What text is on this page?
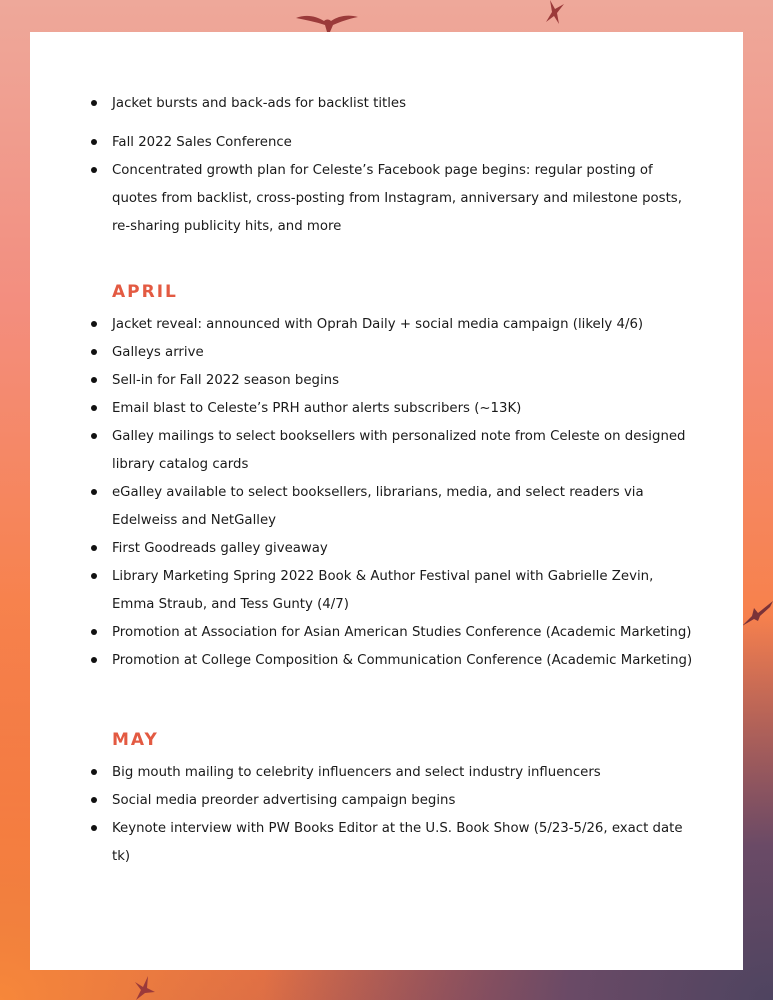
Jacket bursts and back-ads for backlist titles
Fall 2022 Sales Conference
Concentrated growth plan for Celeste’s Facebook page begins: regular posting of quotes from backlist, cross-posting from Instagram, anniversary and milestone posts, re-sharing publicity hits, and more
APRIL
Jacket reveal: announced with Oprah Daily + social media campaign (likely 4/6)
Galleys arrive
Sell-in for Fall 2022 season begins
Email blast to Celeste’s PRH author alerts subscribers (~13K)
Galley mailings to select booksellers with personalized note from Celeste on designed library catalog cards
eGalley available to select booksellers, librarians, media, and select readers via Edelweiss and NetGalley
First Goodreads galley giveaway
Library Marketing Spring 2022 Book & Author Festival panel with Gabrielle Zevin, Emma Straub, and Tess Gunty (4/7)
Promotion at Association for Asian American Studies Conference (Academic Marketing)
Promotion at College Composition & Communication Conference (Academic Marketing)
MAY
Big mouth mailing to celebrity influencers and select industry influencers
Social media preorder advertising campaign begins
Keynote interview with PW Books Editor at the U.S. Book Show (5/23-5/26, exact date tk)
